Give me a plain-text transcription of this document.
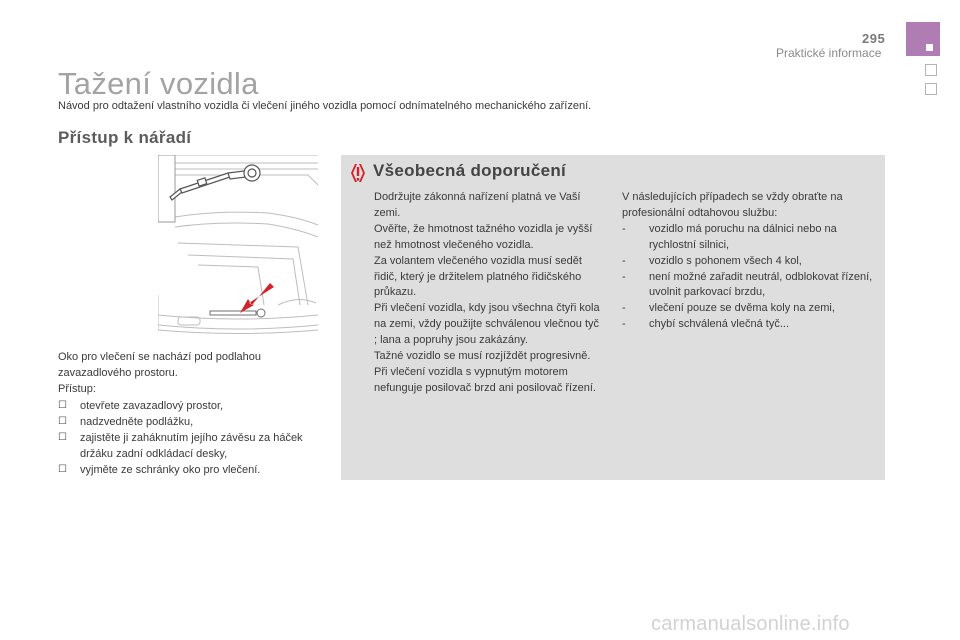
295
Praktické informace
Tažení vozidla
Návod pro odtažení vlastního vozidla či vlečení jiného vozidla pomocí odnímatelného mechanického zařízení.
Přístup k nářadí

Oko pro vlečení se nachází pod podlahou zavazadlového prostoru.

Přístup:

☐ otevřete zavazadlový prostor,
☐ nadzvedněte podlážku,
☐ zajistěte ji zaháknutím jejího závěsu za háček držáku zadní odkládací desky,
☐ vyjměte ze schránky oko pro vlečení.
Všeobecná doporučení

Dodržujte zákonná nařízení platná ve Vaší zemi.

Ověřte, že hmotnost tažného vozidla je vyšší než hmotnost vlečeného vozidla.

Za volantem vlečeného vozidla musí sedět řidič, který je držitelem platného řidičského průkazu.

Při vlečení vozidla, kdy jsou všechna čtyři kola na zemi, vždy použijte schválenou vlečnou tyč ; lana a popruhy jsou zakázány.

Tažné vozidlo se musí rozjíždět progresivně.

Při vlečení vozidla s vypnutým motorem nefunguje posilovač brzd ani posilovač řízení.

V následujících případech se vždy obraťte na profesionální odtahovou službu:

- vozidlo má poruchu na dálnici nebo na rychlostní silnici,
- vozidlo s pohonem všech 4 kol,
- není možné zařadit neutrál, odblokovat řízení, uvolnit parkovací brzdu,
- vlečení pouze se dvěma koly na zemi,
- chybí schválená vlečná tyč...
carmanualsonline.info
